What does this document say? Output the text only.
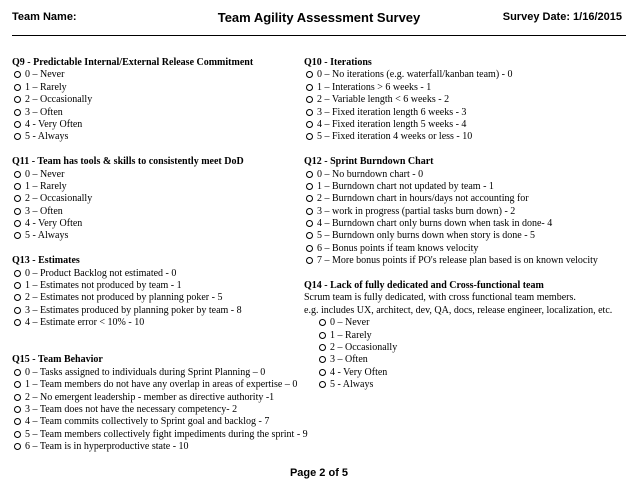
Team Name:	Team Agility Assessment Survey	Survey Date: 1/16/2015
Q9 - Predictable Internal/External Release Commitment
0 – Never
1 – Rarely
2 – Occasionally
3 – Often
4 - Very Often
5 - Always
Q11 - Team has tools & skills to consistently meet DoD
0 – Never
1 – Rarely
2 – Occasionally
3 – Often
4 - Very Often
5 - Always
Q13 - Estimates
0 – Product Backlog not estimated - 0
1 – Estimates not produced by team - 1
2 – Estimates not produced by planning poker - 5
3 – Estimates produced by planning poker by team - 8
4 – Estimate error < 10% - 10
Q15 - Team Behavior
0 – Tasks assigned to individuals during Sprint Planning – 0
1 – Team members do not have any overlap in areas of expertise – 0
2 – No emergent leadership - member as directive authority -1
3 – Team does not have the necessary competency- 2
4 – Team commits collectively to Sprint goal and backlog - 7
5 – Team members collectively fight impediments during the sprint - 9
6 – Team is in hyperproductive state - 10
Q10 - Iterations
0 – No iterations (e.g. waterfall/kanban team) - 0
1 – Interations > 6 weeks - 1
2 – Variable length < 6 weeks - 2
3 – Fixed iteration length 6 weeks - 3
4 – Fixed iteration length 5 weeks - 4
5 – Fixed iteration 4 weeks or less - 10
Q12 - Sprint Burndown Chart
0 – No burndown chart - 0
1 – Burndown chart not updated by team - 1
2 – Burndown chart in hours/days not accounting for
3 – work in progress (partial tasks burn down) - 2
4 – Burndown chart only burns down when task in done- 4
5 – Burndown only burns down when story is done - 5
6 – Bonus points if team knows velocity
7 – More bonus points if PO's release plan based is on known velocity
Q14 - Lack of fully dedicated and Cross-functional team
Scrum team is fully dedicated, with cross functional team members.
e.g. includes UX, architect, dev, QA, docs, release engineer, localization, etc.
0 – Never
1 – Rarely
2 – Occasionally
3 – Often
4 - Very Often
5 - Always
Page 2 of 5
